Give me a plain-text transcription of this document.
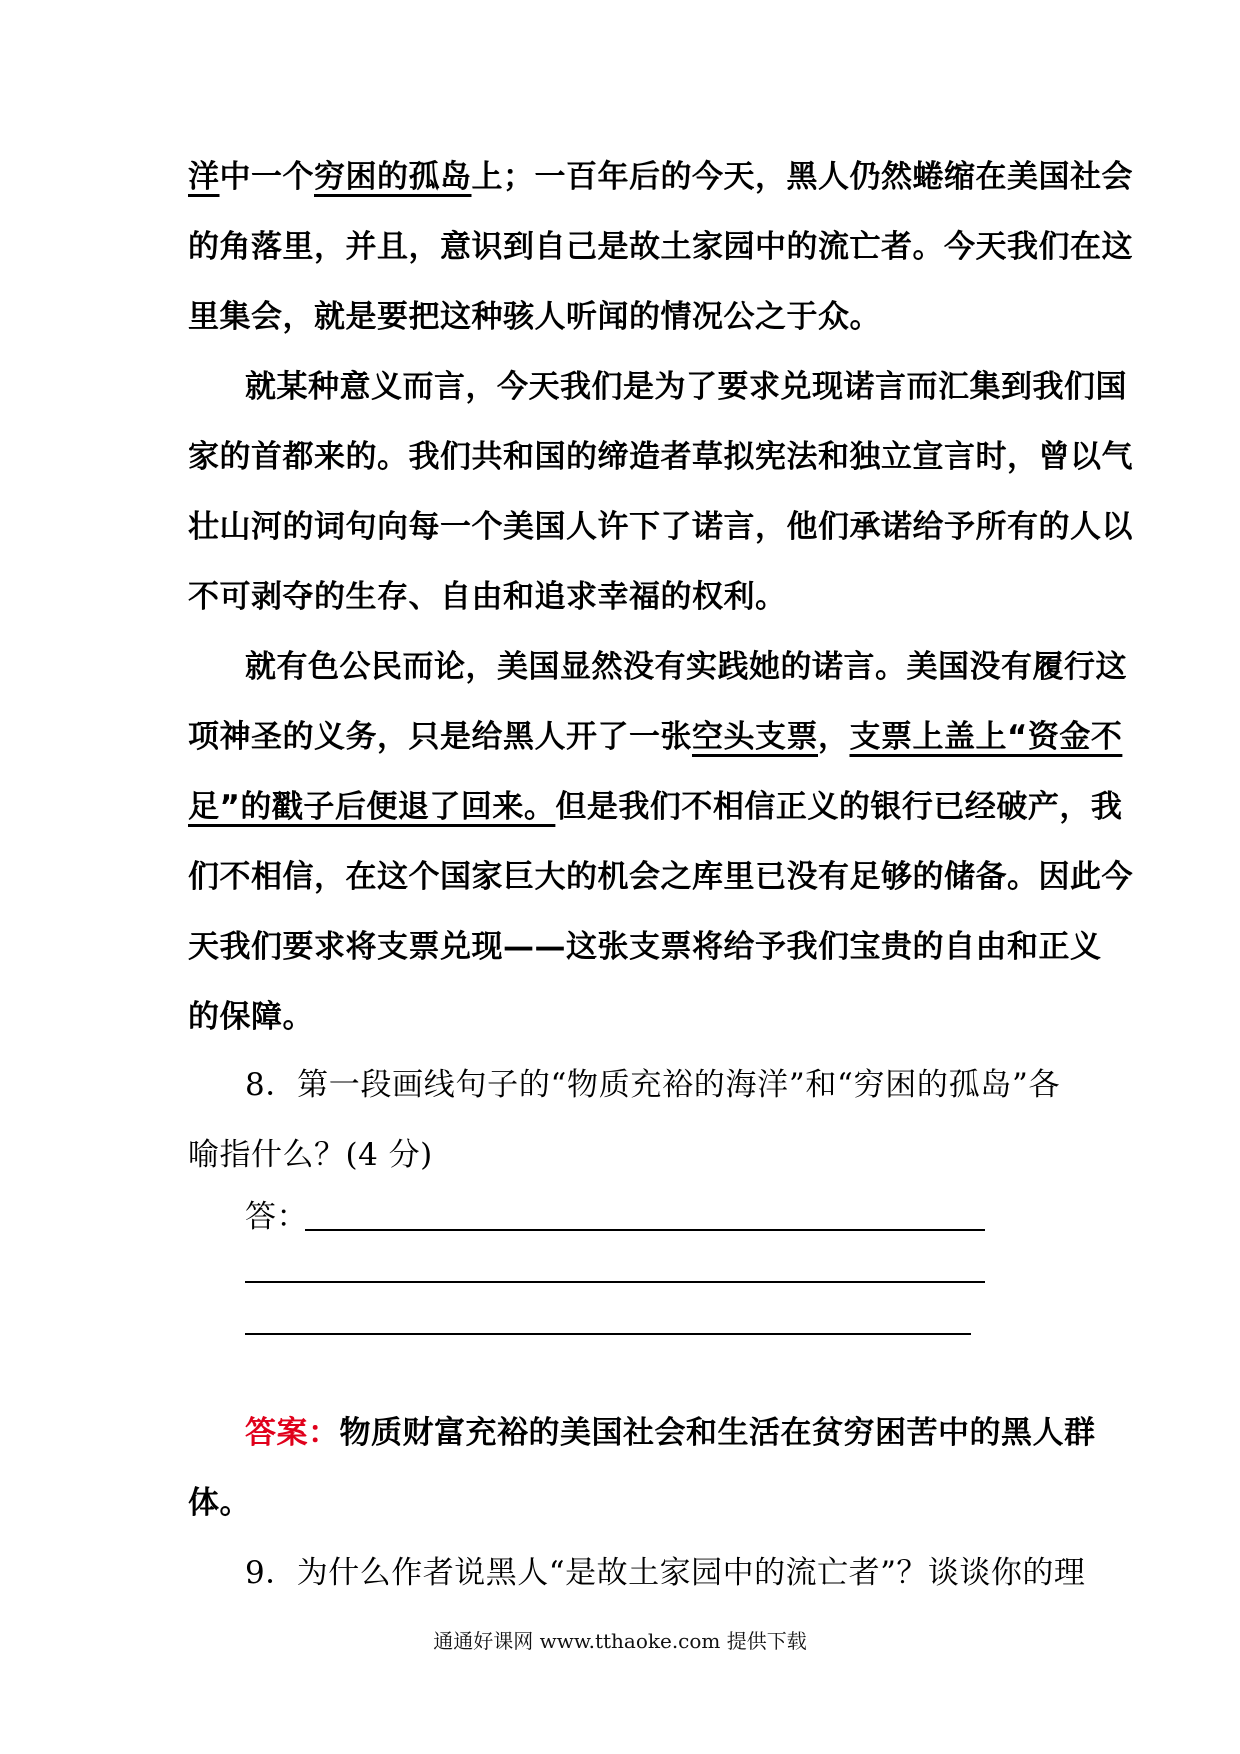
洋中一个穷困的孤岛上；一百年后的今天，黑人仍然蜷缩在美国社会
的角落里，并且，意识到自己是故土家园中的流亡者。今天我们在这
里集会，就是要把这种骇人听闻的情况公之于众。
就某种意义而言，今天我们是为了要求兑现诺言而汇集到我们国
家的首都来的。我们共和国的缔造者草拟宪法和独立宣言时，曾以气
壮山河的词句向每一个美国人许下了诺言，他们承诺给予所有的人以
不可剥夺的生存、自由和追求幸福的权利。
就有色公民而论，美国显然没有实践她的诺言。美国没有履行这
项神圣的义务，只是给黑人开了一张空头支票，支票上盖上“资金不
足”的戳子后便退了回来。但是我们不相信正义的银行已经破产，我
们不相信，在这个国家巨大的机会之库里已没有足够的储备。因此今
天我们要求将支票兑现——这张支票将给予我们宝贵的自由和正义
的保障。
8．第一段画线句子的“物质充裕的海洋”和“穷困的孤岛”各
喻指什么？(4 分)
答：
答案：物质财富充裕的美国社会和生活在贫穷困苦中的黑人群
体。
9．为什么作者说黑人“是故土家园中的流亡者”？谈谈你的理
通通好课网 www.tthaoke.com 提供下载
